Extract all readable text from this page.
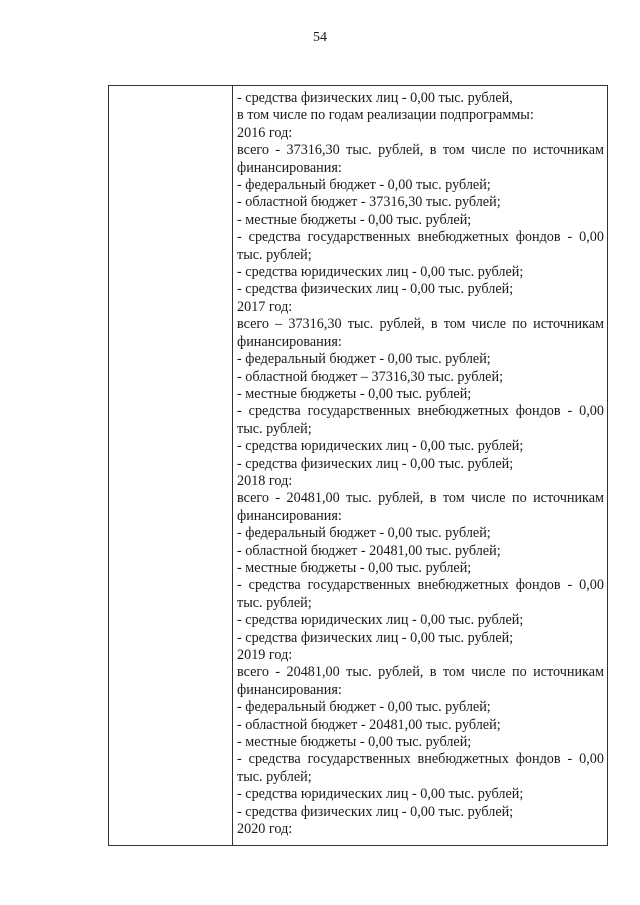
54
- средства физических лиц - 0,00 тыс. рублей,
в том числе по годам реализации подпрограммы:
2016 год:
всего - 37316,30 тыс. рублей, в том числе по источникам
финансирования:
- федеральный бюджет - 0,00 тыс. рублей;
- областной бюджет - 37316,30 тыс. рублей;
- местные бюджеты - 0,00 тыс. рублей;
- средства государственных внебюджетных фондов - 0,00
тыс. рублей;
- средства юридических лиц - 0,00 тыс. рублей;
- средства физических лиц - 0,00 тыс. рублей;
2017 год:
всего – 37316,30 тыс. рублей, в том числе по источникам
финансирования:
- федеральный бюджет - 0,00 тыс. рублей;
- областной бюджет – 37316,30 тыс. рублей;
- местные бюджеты - 0,00 тыс. рублей;
- средства государственных внебюджетных фондов - 0,00
тыс. рублей;
- средства юридических лиц - 0,00 тыс. рублей;
- средства физических лиц - 0,00 тыс. рублей;
2018 год:
всего - 20481,00 тыс. рублей, в том числе по источникам
финансирования:
- федеральный бюджет - 0,00 тыс. рублей;
- областной бюджет - 20481,00 тыс. рублей;
- местные бюджеты - 0,00 тыс. рублей;
- средства государственных внебюджетных фондов - 0,00
тыс. рублей;
- средства юридических лиц - 0,00 тыс. рублей;
- средства физических лиц - 0,00 тыс. рублей;
2019 год:
всего - 20481,00 тыс. рублей, в том числе по источникам
финансирования:
- федеральный бюджет - 0,00 тыс. рублей;
- областной бюджет - 20481,00 тыс. рублей;
- местные бюджеты - 0,00 тыс. рублей;
- средства государственных внебюджетных фондов - 0,00
тыс. рублей;
- средства юридических лиц - 0,00 тыс. рублей;
- средства физических лиц - 0,00 тыс. рублей;
2020 год:
